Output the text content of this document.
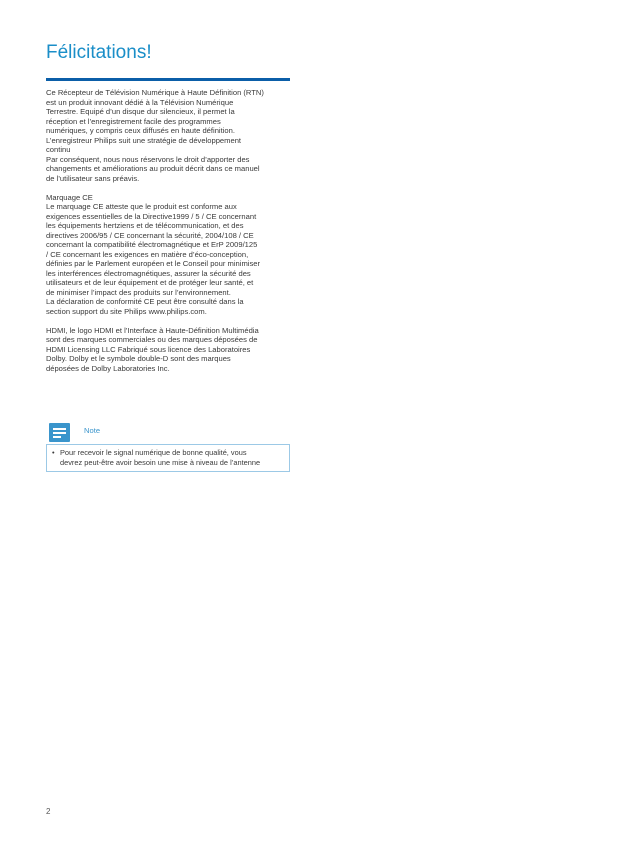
Félicitations!

Ce Récepteur de Télévision Numérique à Haute Définition (RTN)
est un produit innovant dédié à la Télévision Numérique
Terrestre. Equipé d’un disque dur silencieux, il permet la
réception et l’enregistrement facile des programmes
numériques, y compris ceux diffusés en haute définition.
L’enregistreur Philips suit une stratégie de développement
continu
Par conséquent, nous nous réservons le droit d’apporter des
changements et améliorations au produit décrit dans ce manuel
de l’utilisateur sans préavis.

Marquage CE
Le marquage CE atteste que le produit est conforme aux
exigences essentielles de la Directive1999 / 5 / CE concernant
les équipements hertziens et de télécommunication, et des
directives 2006/95 / CE concernant la sécurité, 2004/108 / CE
concernant la compatibilité électromagnétique et ErP 2009/125
/ CE concernant les exigences en matière d’éco-conception,
définies par le Parlement européen et le Conseil pour minimiser
les interférences électromagnétiques, assurer la sécurité des
utilisateurs et de leur équipement et de protéger leur santé, et
de minimiser l’impact des produits sur l’environnement.
La déclaration de conformité CE peut être consulté dans la
section support du site Philips www.philips.com.

HDMI, le logo HDMI et l’Interface à Haute-Définition Multimédia
sont des marques commerciales ou des marques déposées de
HDMI Licensing LLC Fabriqué sous licence des Laboratoires
Dolby. Dolby et le symbole double-D sont des marques
déposées de Dolby Laboratories Inc.

Note
• Pour recevoir le signal numérique de bonne qualité, vous
devrez peut-être avoir besoin une mise à niveau de l’antenne
2
